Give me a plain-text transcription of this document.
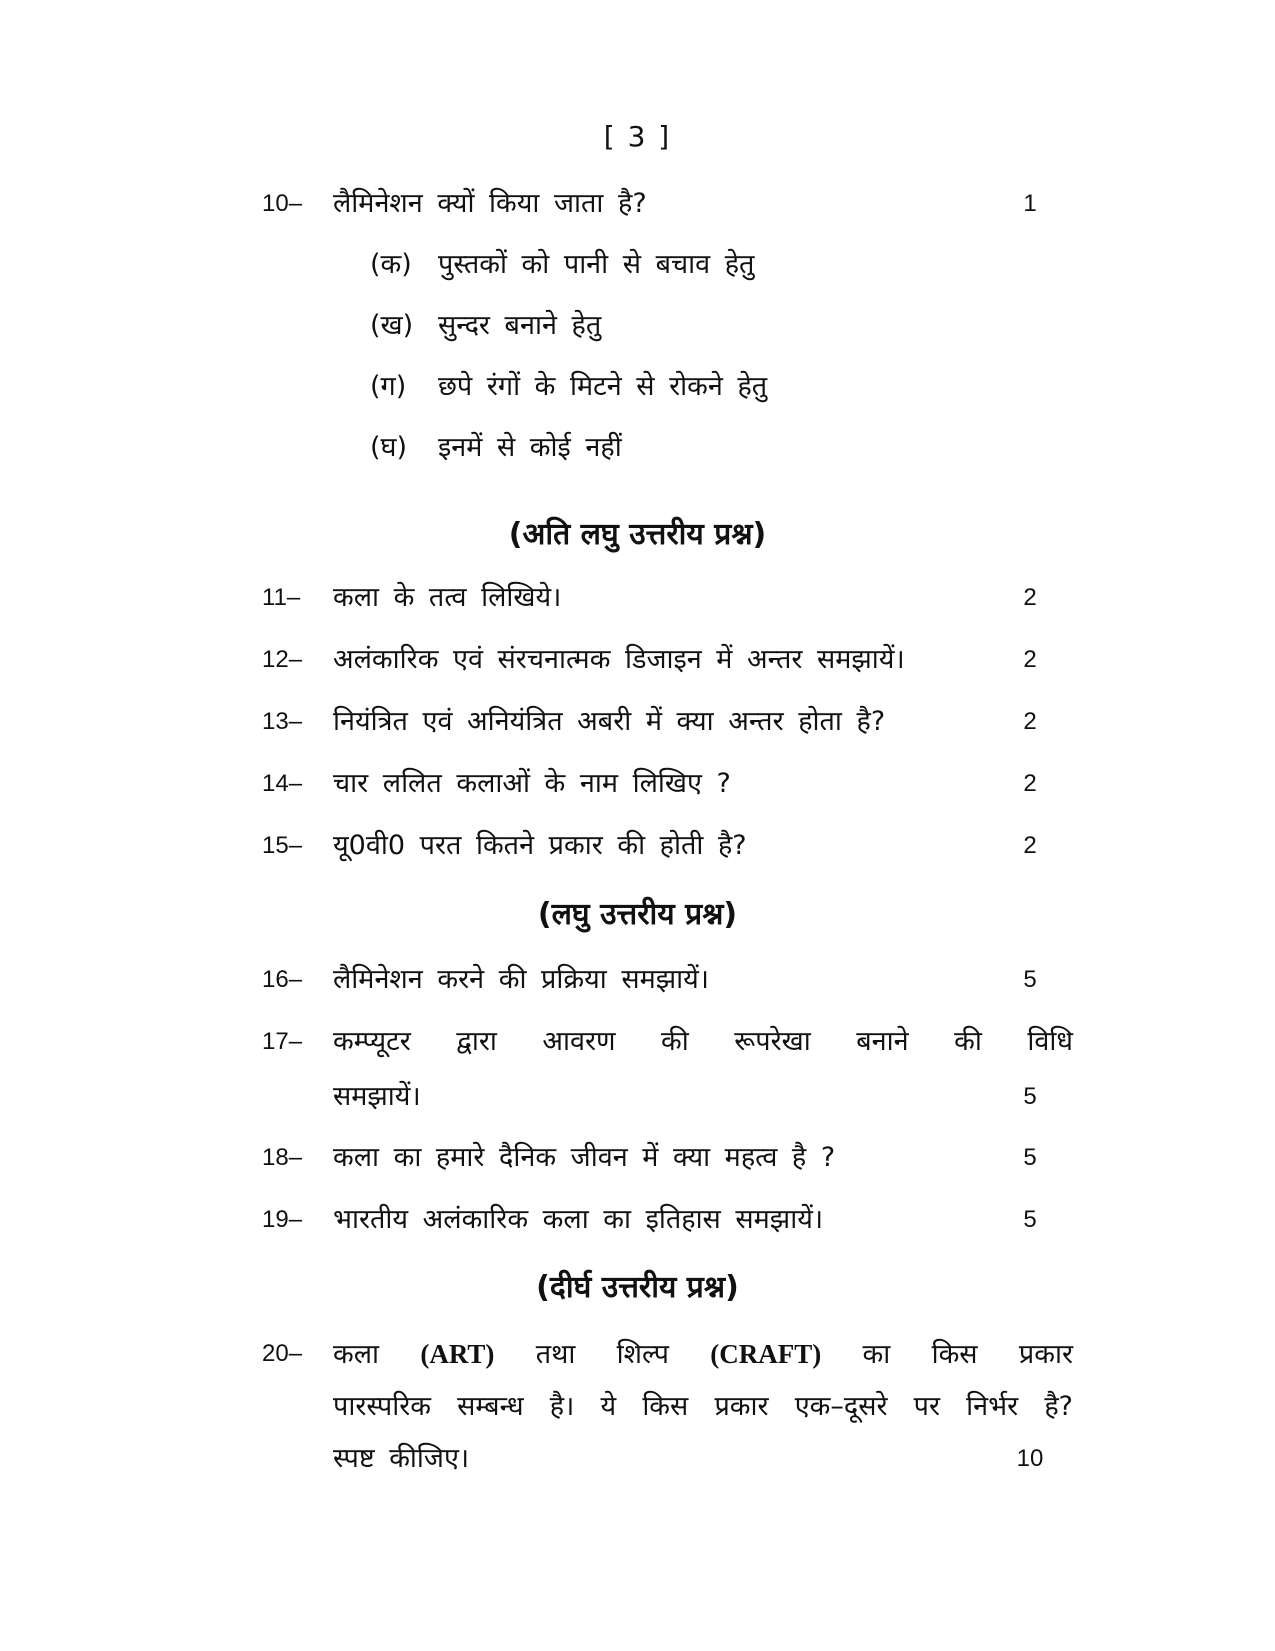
[ 3 ]
10– लैमिनेशन क्यों किया जाता है?	1
(क) पुस्तकों को पानी से बचाव हेतु
(ख) सुन्दर बनाने हेतु
(ग) छपे रंगों के मिटने से रोकने हेतु
(घ) इनमें से कोई नहीं
(अति लघु उत्तरीय प्रश्न)
11– कला के तत्व लिखिये।	2
12– अलंकारिक एवं संरचनात्मक डिजाइन में अन्तर समझायें।	2
13– नियंत्रित एवं अनियंत्रित अबरी में क्या अन्तर होता है?	2
14– चार ललित कलाओं के नाम लिखिए ?	2
15– यू0वी0 परत कितने प्रकार की होती है?	2
(लघु उत्तरीय प्रश्न)
16– लैमिनेशन करने की प्रक्रिया समझायें।	5
17– कम्प्यूटर द्वारा आवरण की रूपरेखा बनाने की विधि
समझायें।	5
18– कला का हमारे दैनिक जीवन में क्या महत्व है ?	5
19– भारतीय अलंकारिक कला का इतिहास समझायें।	5
(दीर्घ उत्तरीय प्रश्न)
20– कला (ART) तथा शिल्प (CRAFT) का किस प्रकार
पारस्परिक सम्बन्ध है। ये किस प्रकार एक–दूसरे पर निर्भर है?
स्पष्ट कीजिए।	10
